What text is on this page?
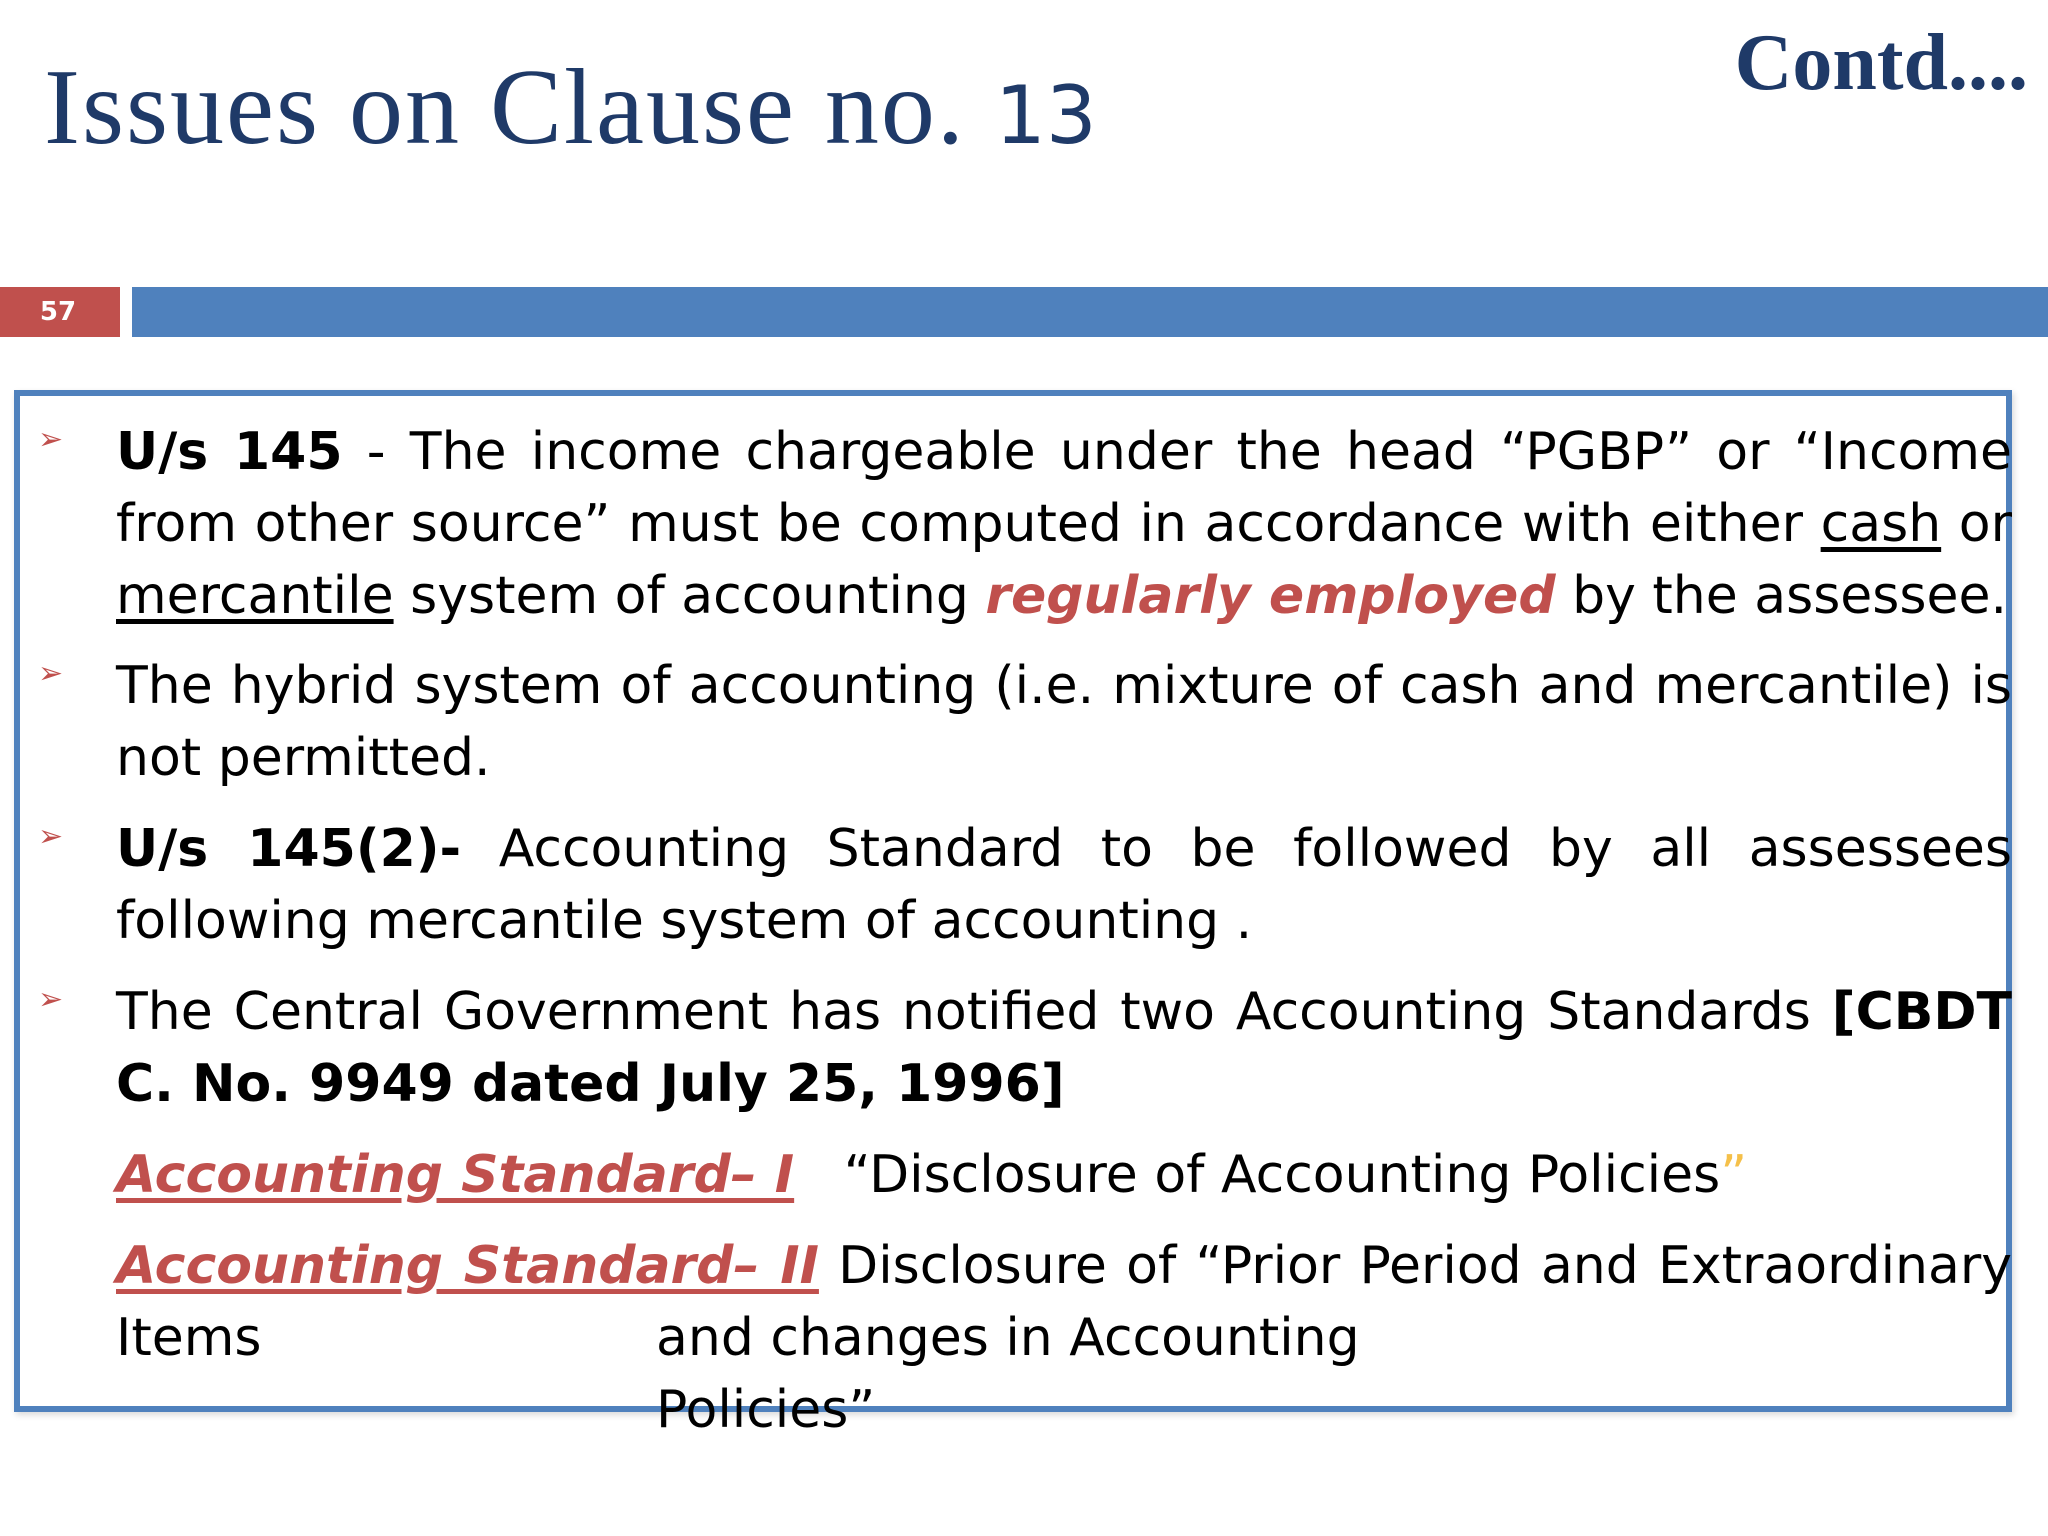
Issues on Clause no. 13
Contd....
57
➢ U/s 145 - The income chargeable under the head “PGBP” or “Income from other source” must be computed in accordance with either cash or mercantile system of accounting regularly employed by the assessee.

➢ The hybrid system of accounting (i.e. mixture of cash and mercantile) is not permitted.

➢ U/s 145(2)- Accounting Standard to be followed by all assessees following mercantile system of accounting .

➢ The Central Government has notified two Accounting Standards [CBDT C. No. 9949 dated July 25, 1996]

Accounting Standard– I “Disclosure of Accounting Policies”
Accounting Standard– II Disclosure of “Prior Period and Extraordinary Items	and changes in Accounting Policies”
